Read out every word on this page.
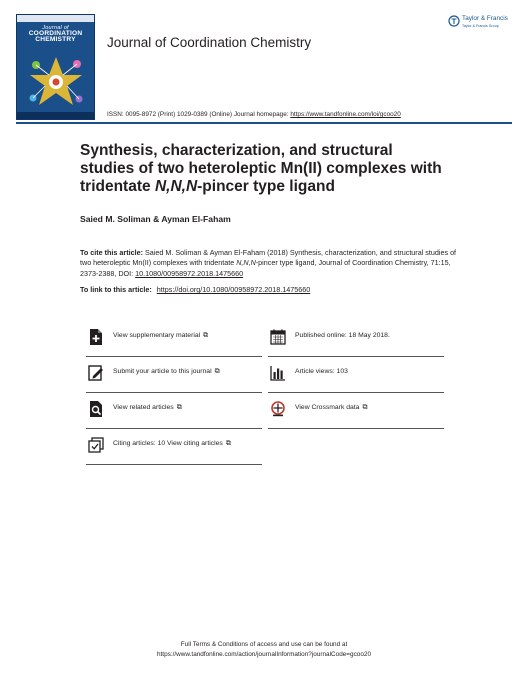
Journal of
COORDINATION
CHEMISTRY	Journal of Coordination Chemistry
Taylor & Francis
Taylor & Francis Group
ISSN: 0095-8972 (Print) 1029-0389 (Online) Journal homepage: https://www.tandfonline.com/loi/gcoo20
Synthesis, characterization, and structural
studies of two heteroleptic Mn(II) complexes with
tridentate N,N,N-pincer type ligand
Saied M. Soliman & Ayman El-Faham
To cite this article: Saied M. Soliman & Ayman El-Faham (2018) Synthesis, characterization, and structural studies of two heteroleptic Mn(II) complexes with tridentate N,N,N-pincer type ligand, Journal of Coordination Chemistry, 71:15, 2373-2388, DOI: 10.1080/00958972.2018.1475660
To link to this article: https://doi.org/10.1080/00958972.2018.1475660
View supplementary material ⧉
Submit your article to this journal ⧉
View related articles ⧉
Citing articles: 10 View citing articles ⧉
Published online: 18 May 2018.
Article views: 103
View Crossmark data ⧉
Full Terms & Conditions of access and use can be found at
https://www.tandfonline.com/action/journalInformation?journalCode=gcoo20
